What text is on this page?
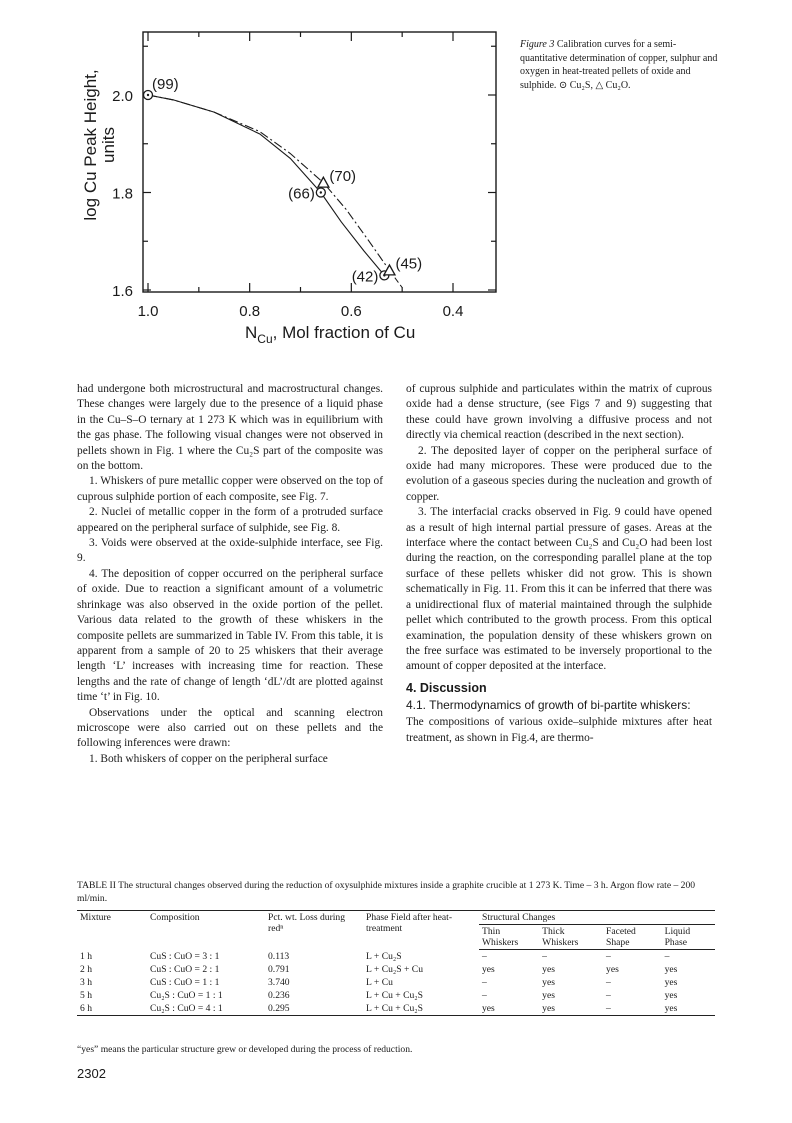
1.0	0.8	0.6	0.4
2.0
1.8
1.6
$N_{Cu}$, Mol fraction of Cu
log Cu Peak Height, units
(99)
(66)
(70)
(42)
(45)
Figure 3 Calibration curves for a semi-quantitative determination of copper, sulphur and oxygen in heat-treated pellets of oxide and sulphide. ⊙ Cu₂S, △ Cu₂O.

had undergone both microstructural and macrostructural changes. These changes were largely due to the presence of a liquid phase in the Cu–S–O ternary at 1 273 K which was in equilibrium with the gas phase. The following visual changes were not observed in pellets shown in Fig. 1 where the Cu₂S part of the composite was on the bottom.

1. Whiskers of pure metallic copper were observed on the top of cuprous sulphide portion of each composite, see Fig. 7.

2. Nuclei of metallic copper in the form of a protruded surface appeared on the peripheral surface of sulphide, see Fig. 8.

3. Voids were observed at the oxide-sulphide interface, see Fig. 9.

4. The deposition of copper occurred on the peripheral surface of oxide. Due to reaction a significant amount of a volumetric shrinkage was also observed in the oxide portion of the pellet. Various data related to the growth of these whiskers in the composite pellets are summarized in Table IV. From this table, it is apparent from a sample of 20 to 25 whiskers that their average length ‘L’ increases with increasing time for reaction. These lengths and the rate of change of length ‘dL’/dt are plotted against time ‘t’ in Fig. 10.

Observations under the optical and scanning electron microscope were also carried out on these pellets and the following inferences were drawn:

1. Both whiskers of copper on the peripheral surface

of cuprous sulphide and particulates within the matrix of cuprous oxide had a dense structure, (see Figs 7 and 9) suggesting that these could have grown involving a diffusive process and not directly via chemical reaction (described in the next section).

2. The deposited layer of copper on the peripheral surface of oxide had many micropores. These were produced due to the evolution of a gaseous species during the nucleation and growth of copper.

3. The interfacial cracks observed in Fig. 9 could have opened as a result of high internal partial pressure of gases. Areas at the interface where the contact between Cu₂S and Cu₂O had been lost during the reaction, on the corresponding parallel plane at the top surface of these pellets whisker did not grow. This is shown schematically in Fig. 11. From this it can be inferred that there was a unidirectional flux of material maintained through the sulphide pellet which contributed to the growth process. From this optical examination, the population density of these whiskers grown on the free surface was estimated to be inversely proportional to the amount of copper deposited at the interface.

4. Discussion
4.1. Thermodynamics of growth of bi-partite whiskers:

The compositions of various oxide–sulphide mixtures after heat treatment, as shown in Fig.4, are thermo-

TABLE II The structural changes observed during the reduction of oxysulphide mixtures inside a graphite crucible at 1 273 K. Time – 3 h. Argon flow rate – 200 ml/min.
Mixture	Composition	Pct. wt. Loss during redⁿ	Phase Field after heat-treatment	Structural Changes			
				Thin Whiskers	Thick Whiskers	Faceted Shape	Liquid Phase
1 h	CuS : CuO = 3 : 1	0.113	L + Cu₂S	–	–	–	–
2 h	CuS : CuO = 2 : 1	0.791	L + Cu₂S + Cu	yes	yes	yes	yes
3 h	CuS : CuO = 1 : 1	3.740	L + Cu	–	yes	–	yes
5 h	Cu₂S : CuO = 1 : 1	0.236	L + Cu + Cu₂S	–	yes	–	yes
6 h	Cu₂S : CuO = 4 : 1	0.295	L + Cu + Cu₂S	yes	yes	–	yes
“yes” means the particular structure grew or developed during the process of reduction.
2302
